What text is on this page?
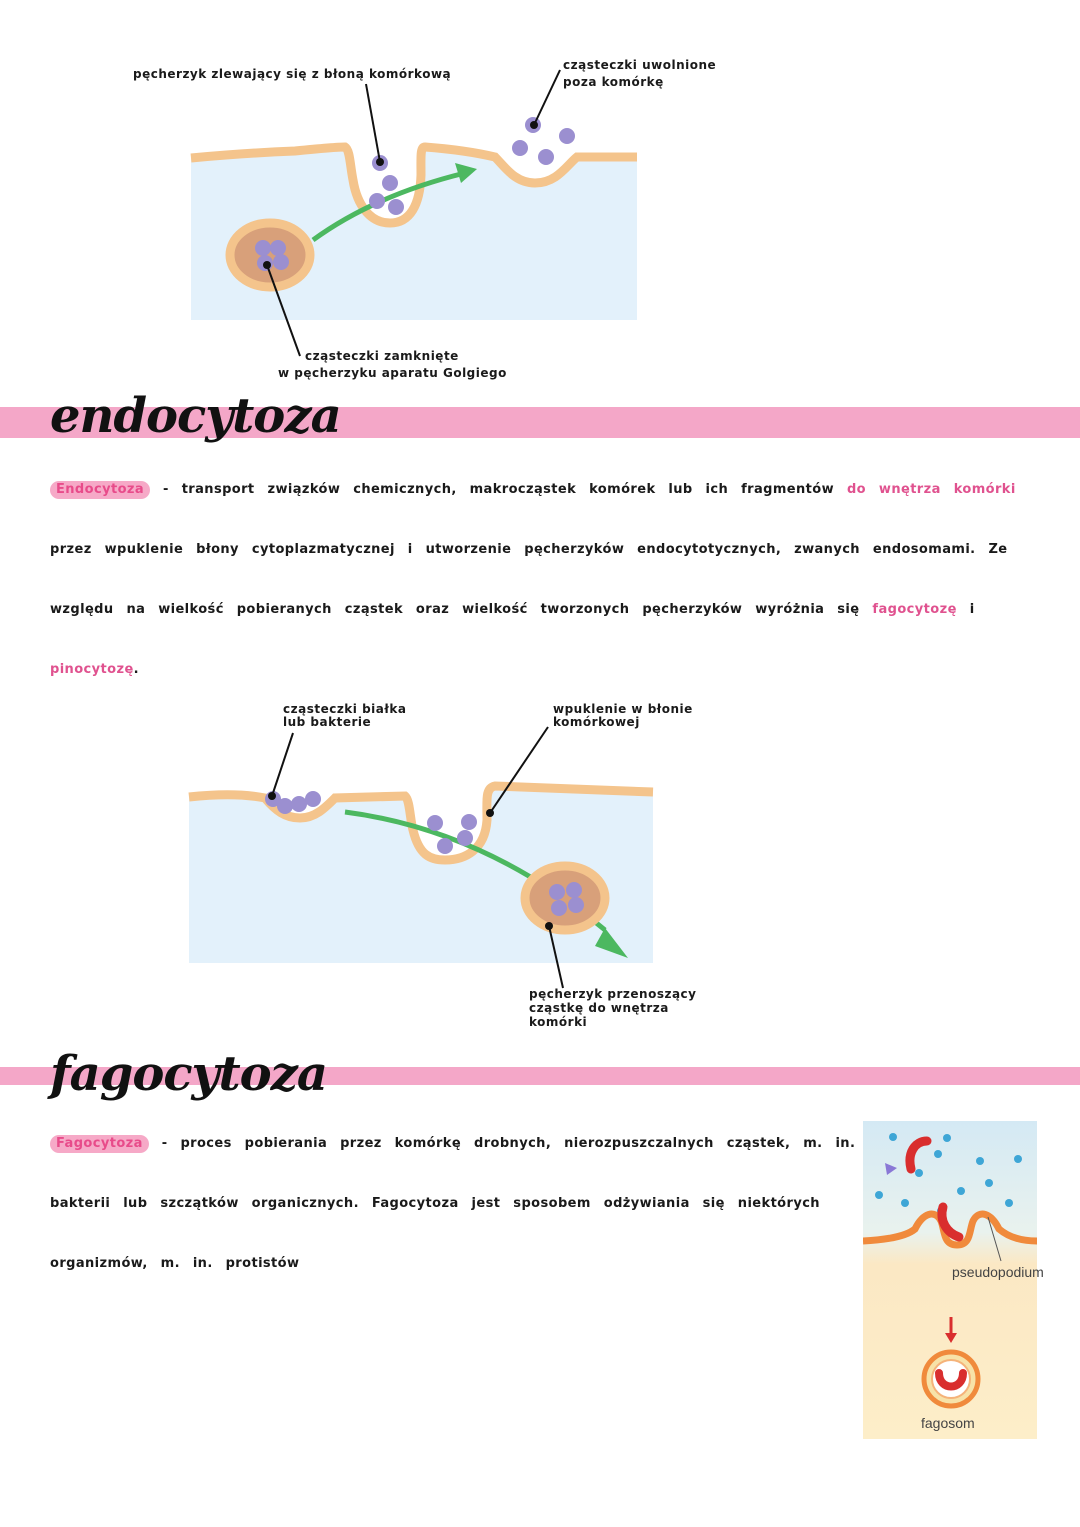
pęcherzyk zlewający się z błoną komórkową
cząsteczki uwolnione
poza komórkę
cząsteczki zamknięte
w pęcherzyku aparatu Golgiego
endocytoza
Endocytoza - transport związków chemicznych, makrocząstek komórek lub ich fragmentów do wnętrza komórki
przez wpuklenie błony cytoplazmatycznej i utworzenie pęcherzyków endocytotycznych, zwanych endosomami. Ze
względu na wielkość pobieranych cząstek oraz wielkość tworzonych pęcherzyków wyróżnia się fagocytozę i
pinocytozę.
cząsteczki białka
lub bakterie
wpuklenie w błonie
komórkowej
pęcherzyk przenoszący
cząstkę do wnętrza
komórki
fagocytoza
Fagocytoza - proces pobierania przez komórkę drobnych, nierozpuszczalnych cząstek, m. in.
bakterii lub szczątków organicznych. Fagocytoza jest sposobem odżywiania się niektórych
organizmów, m. in. protistów
pseudopodium
fagosom
